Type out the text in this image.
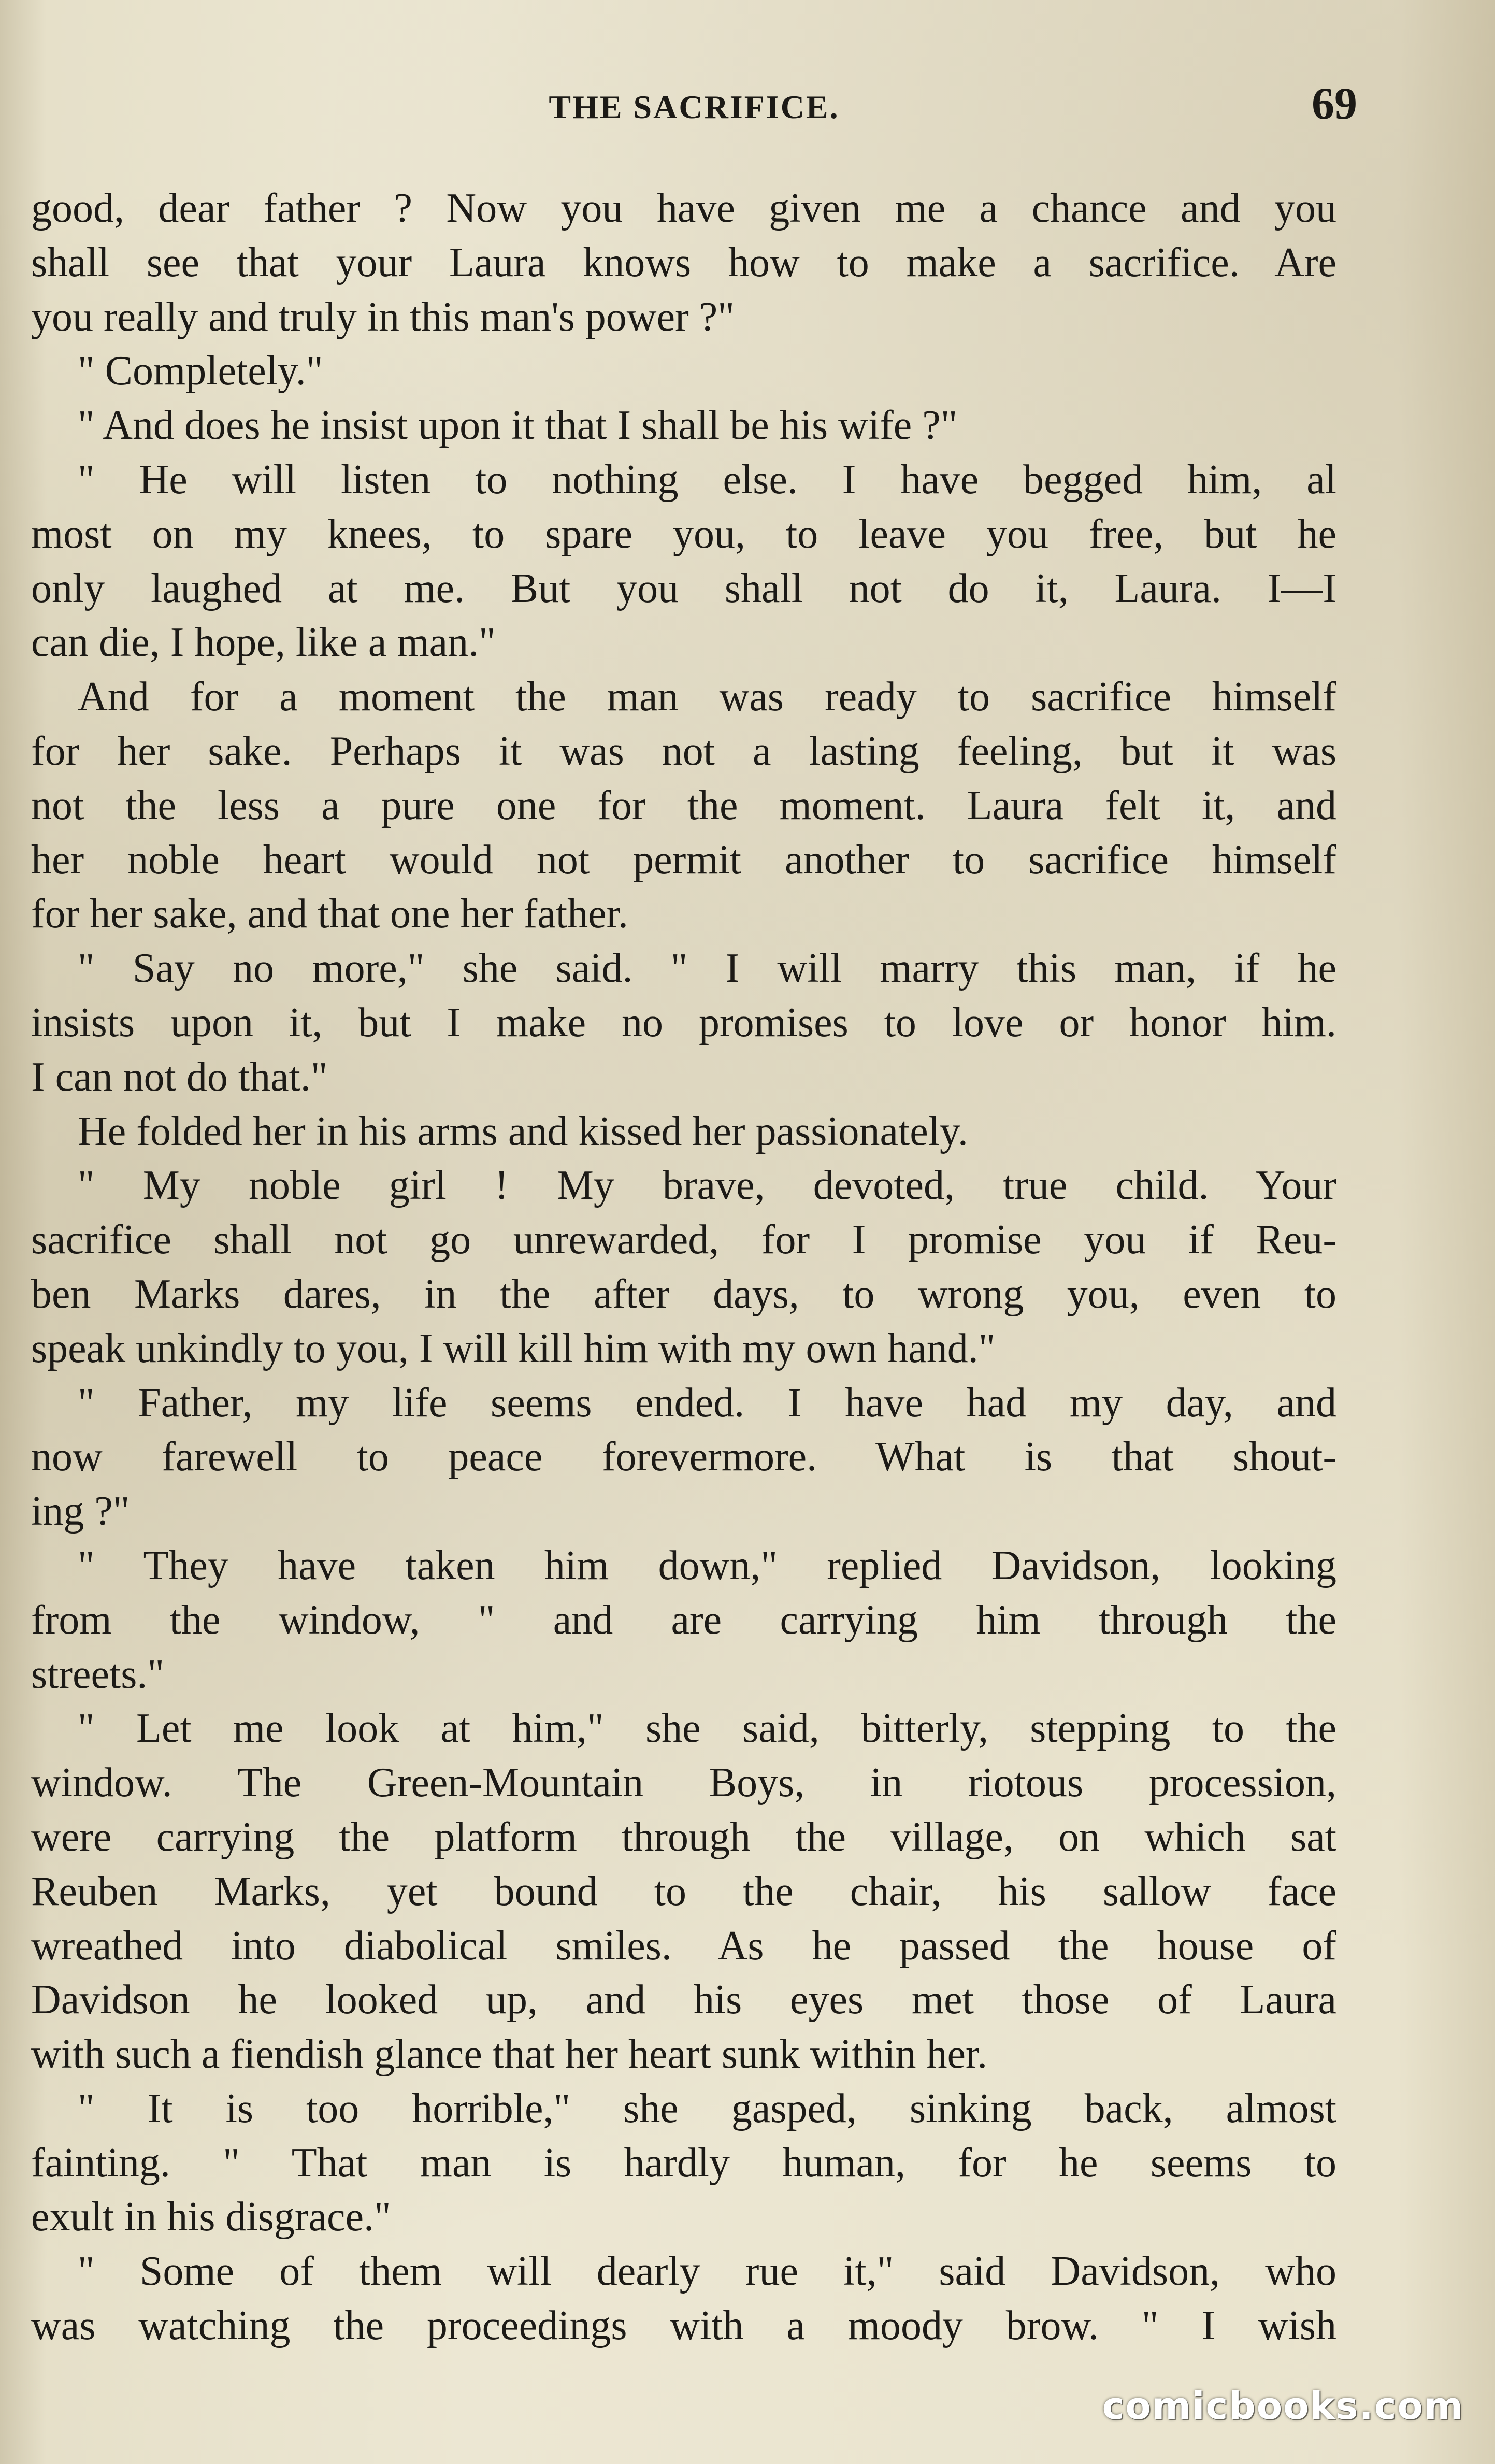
THE SACRIFICE.	69
good, dear father ? Now you have given me a chance and you
shall see that your Laura knows how to make a sacrifice. Are
you really and truly in this man's power ?"
" Completely."
" And does he insist upon it that I shall be his wife ?"
" He will listen to nothing else. I have begged him, al
most on my knees, to spare you, to leave you free, but he
only laughed at me. But you shall not do it, Laura. I—I
can die, I hope, like a man."
And for a moment the man was ready to sacrifice himself
for her sake. Perhaps it was not a lasting feeling, but it was
not the less a pure one for the moment. Laura felt it, and
her noble heart would not permit another to sacrifice himself
for her sake, and that one her father.
" Say no more," she said. " I will marry this man, if he
insists upon it, but I make no promises to love or honor him.
I can not do that."
He folded her in his arms and kissed her passionately.
" My noble girl ! My brave, devoted, true child. Your
sacrifice shall not go unrewarded, for I promise you if Reu-
ben Marks dares, in the after days, to wrong you, even to
speak unkindly to you, I will kill him with my own hand."
" Father, my life seems ended. I have had my day, and
now farewell to peace forevermore. What is that shout-
ing ?"
" They have taken him down," replied Davidson, looking
from the window, " and are carrying him through the
streets."
" Let me look at him," she said, bitterly, stepping to the
window. The Green-Mountain Boys, in riotous procession,
were carrying the platform through the village, on which sat
Reuben Marks, yet bound to the chair, his sallow face
wreathed into diabolical smiles. As he passed the house of
Davidson he looked up, and his eyes met those of Laura
with such a fiendish glance that her heart sunk within her.
" It is too horrible," she gasped, sinking back, almost
fainting. " That man is hardly human, for he seems to
exult in his disgrace."
" Some of them will dearly rue it," said Davidson, who
was watching the proceedings with a moody brow. " I wish
comicbooks.com
